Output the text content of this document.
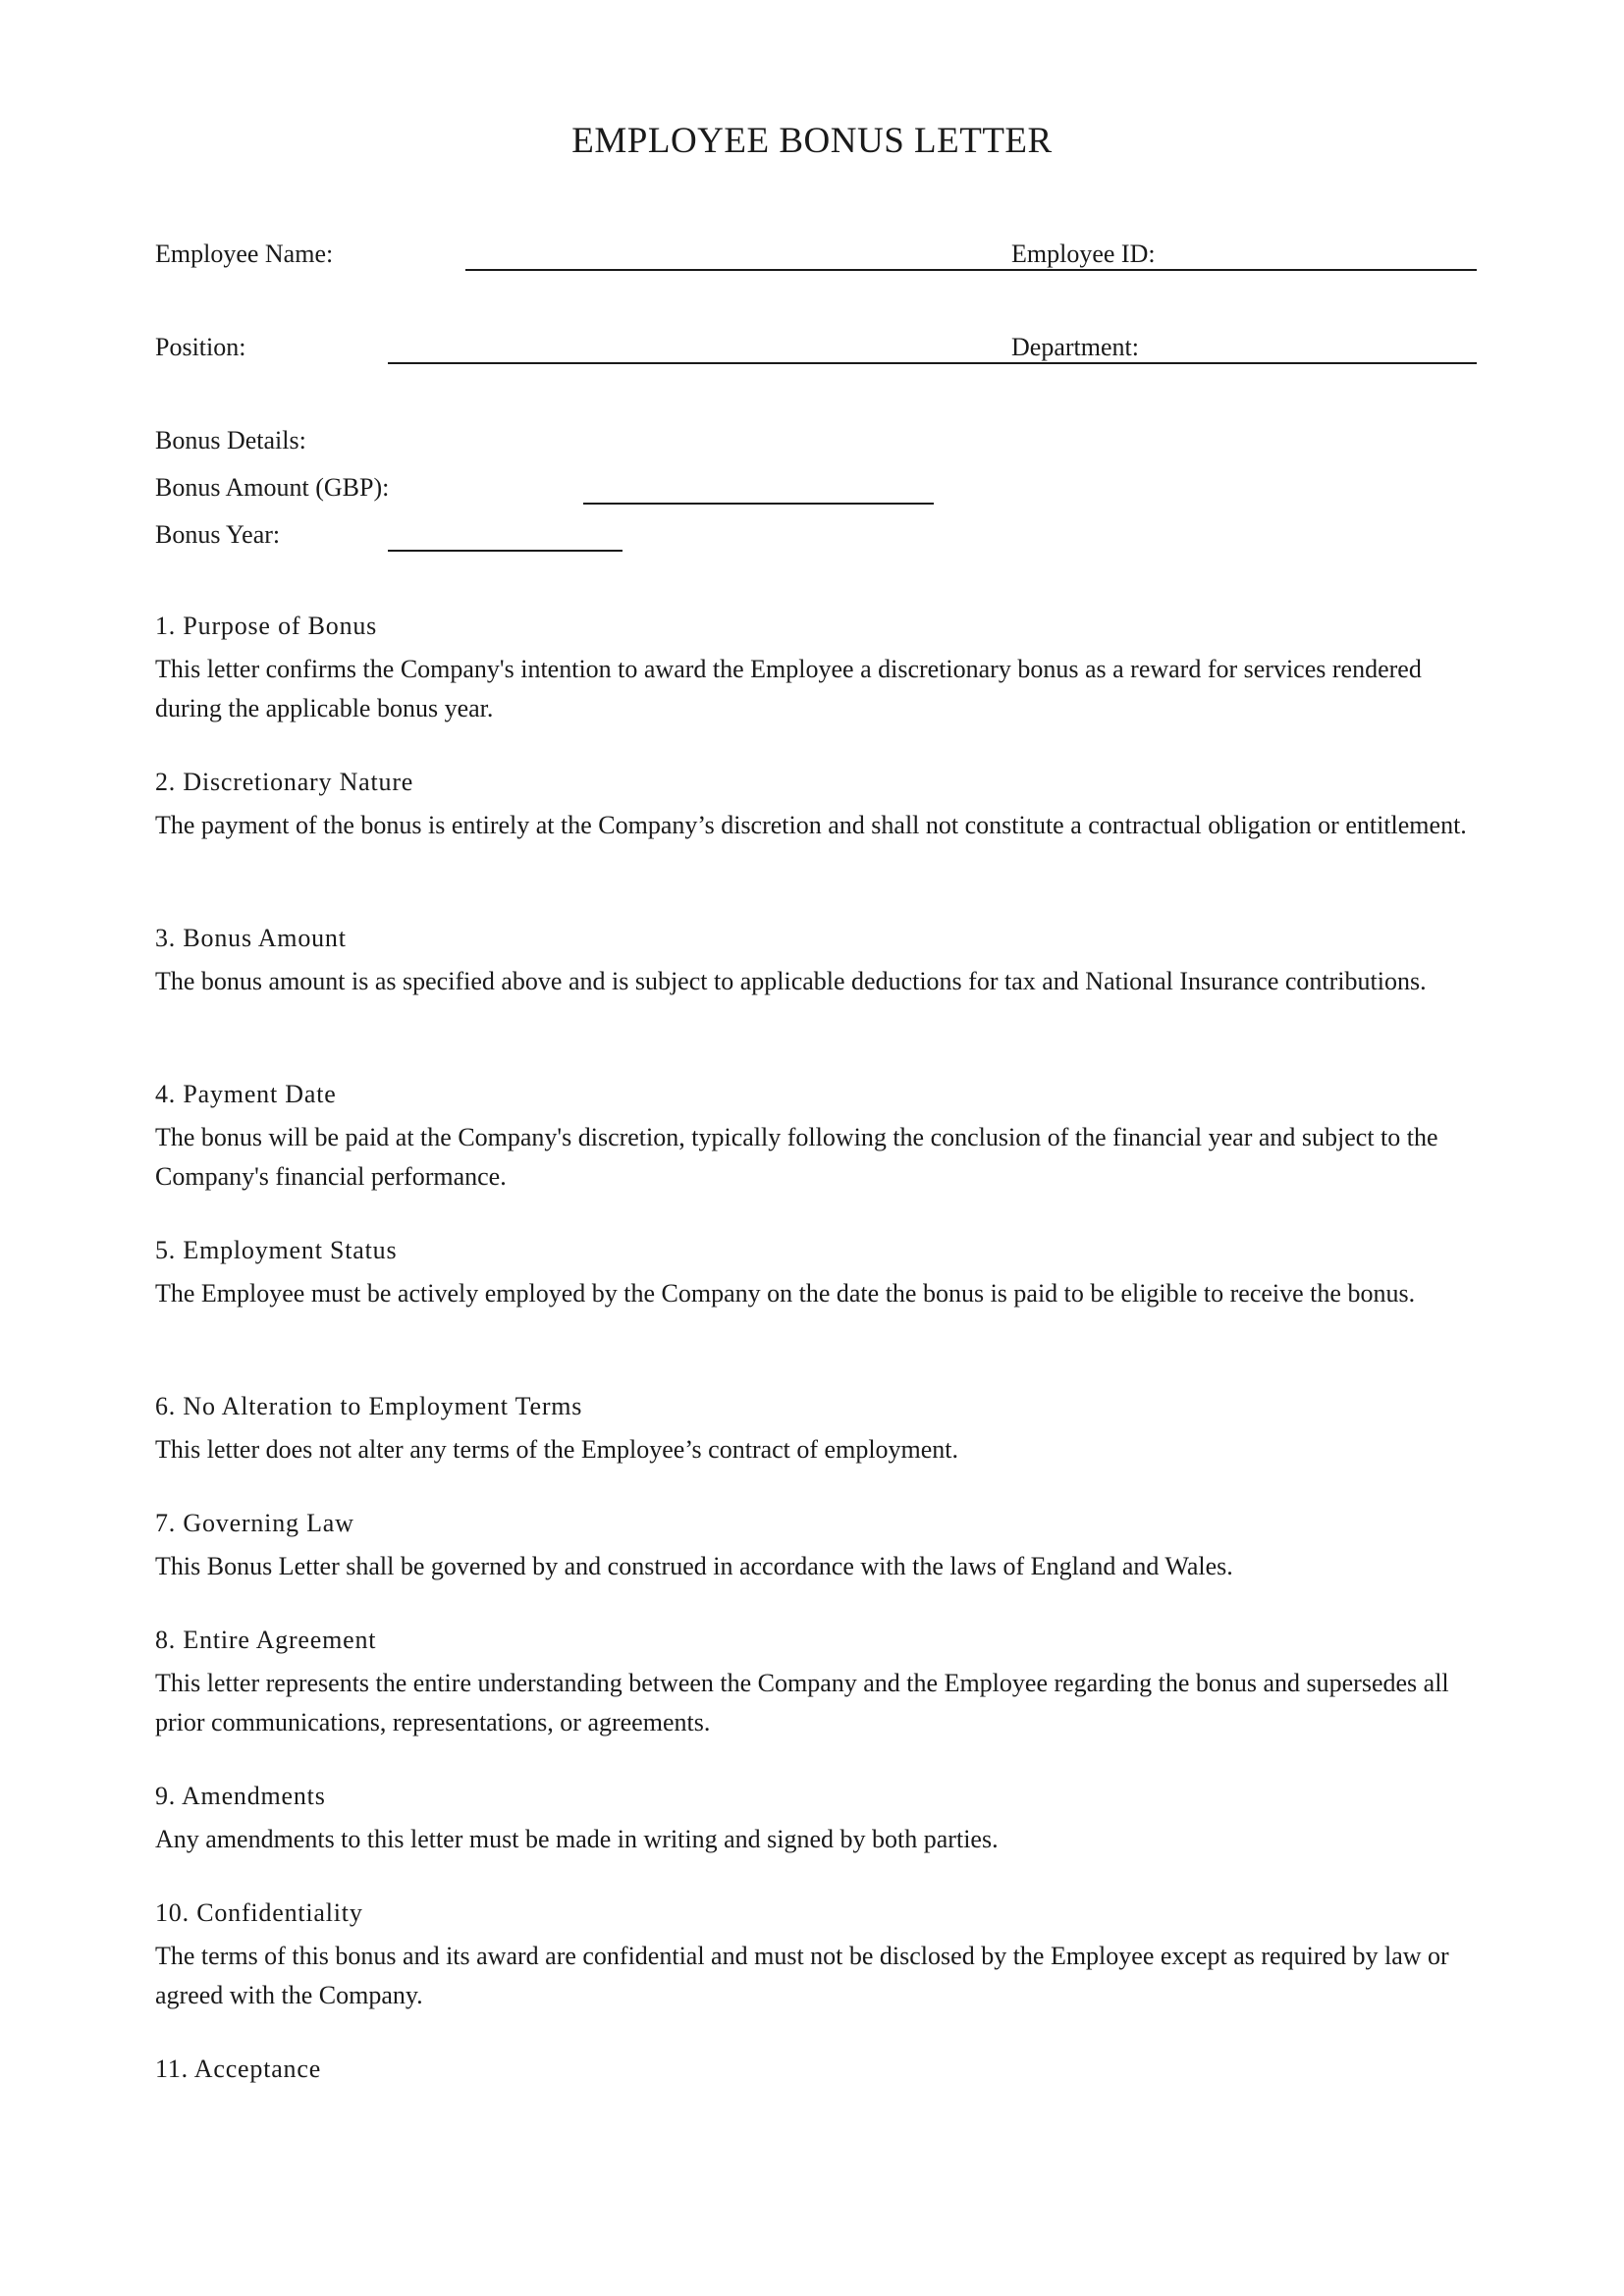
EMPLOYEE BONUS LETTER
Employee Name:	Employee ID:
Position:	Department:
Bonus Details:
Bonus Amount (GBP):
Bonus Year:
1. Purpose of Bonus

This letter confirms the Company's intention to award the Employee a discretionary bonus as a reward for services rendered during the applicable bonus year.

2. Discretionary Nature

The payment of the bonus is entirely at the Company’s discretion and shall not constitute a contractual obligation or entitlement.

3. Bonus Amount

The bonus amount is as specified above and is subject to applicable deductions for tax and National Insurance contributions.

4. Payment Date

The bonus will be paid at the Company's discretion, typically following the conclusion of the financial year and subject to the Company's financial performance.

5. Employment Status

The Employee must be actively employed by the Company on the date the bonus is paid to be eligible to receive the bonus.

6. No Alteration to Employment Terms

This letter does not alter any terms of the Employee’s contract of employment.

7. Governing Law

This Bonus Letter shall be governed by and construed in accordance with the laws of England and Wales.

8. Entire Agreement

This letter represents the entire understanding between the Company and the Employee regarding the bonus and supersedes all prior communications, representations, or agreements.

9. Amendments

Any amendments to this letter must be made in writing and signed by both parties.

10. Confidentiality

The terms of this bonus and its award are confidential and must not be disclosed by the Employee except as required by law or agreed with the Company.

11. Acceptance
